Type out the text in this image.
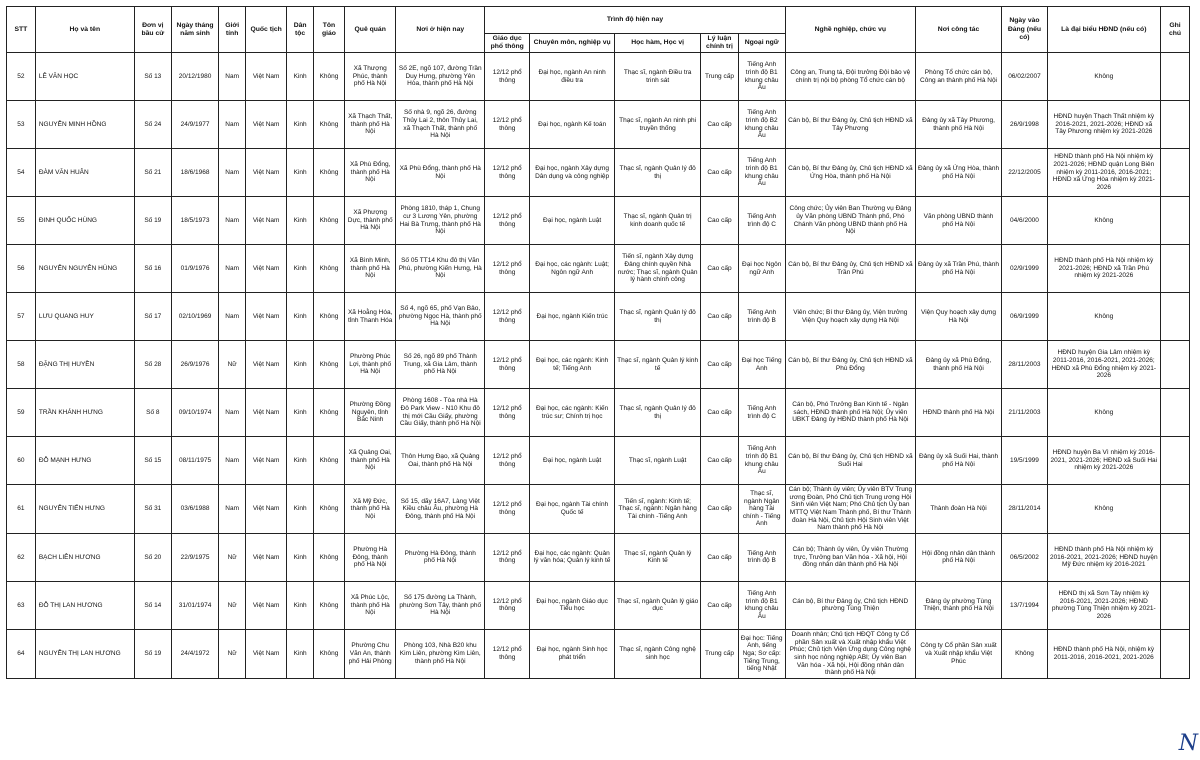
STT	Họ và tên	Đơn vị bầu cử	Ngày tháng năm sinh	Giới tính	Quốc tịch	Dân tộc	Tôn giáo	Quê quán	Nơi ở hiện nay	Trình độ hiện nay					Nghề nghiệp, chức vụ	Nơi công tác	Ngày vào Đảng (nếu có)	Là đại biểu HĐND (nếu có)	Ghi chú
										Giáo dục phổ thông	Chuyên môn, nghiệp vụ	Học hàm, Học vị	Lý luận chính trị	Ngoại ngữ					
52	LÊ VĂN HỌC	Số 13	20/12/1980	Nam	Việt Nam	Kinh	Không	Xã Thượng Phúc, thành phố Hà Nội	Số 2E, ngõ 107, đường Trần Duy Hưng, phường Yên Hòa, thành phố Hà Nội	12/12 phổ thông	Đại học, ngành An ninh điều tra	Thạc sĩ, ngành Điều tra trinh sát	Trung cấp	Tiếng Anh trình độ B1 khung châu Âu	Công an, Trung tá, Đội trưởng Đội bảo vệ chính trị nội bộ phòng Tổ chức cán bộ	Phòng Tổ chức cán bộ, Công an thành phố Hà Nội	06/02/2007	Không	
53	NGUYỄN MINH HỒNG	Số 24	24/9/1977	Nam	Việt Nam	Kinh	Không	Xã Thạch Thất, thành phố Hà Nội	Số nhà 9, ngõ 26, đường Thủy Lai 2, thôn Thủy Lai, xã Thạch Thất, thành phố Hà Nội	12/12 phổ thông	Đại học, ngành Kế toán	Thạc sĩ, ngành An ninh phi truyền thống	Cao cấp	Tiếng Anh trình độ B2 khung châu Âu	Cán bộ, Bí thư Đảng ủy, Chủ tịch HĐND xã Tây Phương	Đảng ủy xã Tây Phương, thành phố Hà Nội	26/9/1998	HĐND huyện Thạch Thất nhiệm kỳ 2016-2021, 2021-2026; HĐND xã Tây Phương nhiệm kỳ 2021-2026	
54	ĐÀM VĂN HUÂN	Số 21	18/6/1968	Nam	Việt Nam	Kinh	Không	Xã Phù Đổng, thành phố Hà Nội	Xã Phù Đổng, thành phố Hà Nội	12/12 phổ thông	Đại học, ngành Xây dựng Dân dụng và công nghiệp	Thạc sĩ, ngành Quản lý đô thị	Cao cấp	Tiếng Anh trình độ B1 khung châu Âu	Cán bộ, Bí thư Đảng ủy, Chủ tịch HĐND xã Ứng Hòa, thành phố Hà Nội	Đảng ủy xã Ứng Hòa, thành phố Hà Nội	22/12/2005	HĐND thành phố Hà Nội nhiệm kỳ 2021-2026; HĐND quận Long Biên nhiệm kỳ 2011-2016, 2016-2021; HĐND xã Ứng Hòa nhiệm kỳ 2021-2026	
55	ĐINH QUỐC HÙNG	Số 19	18/5/1973	Nam	Việt Nam	Kinh	Không	Xã Phượng Dực, thành phố Hà Nội	Phòng 1810, tháp 1, Chung cư 3 Lương Yên, phường Hai Bà Trưng, thành phố Hà Nội	12/12 phổ thông	Đại học, ngành Luật	Thạc sĩ, ngành Quản trị kinh doanh quốc tế	Cao cấp	Tiếng Anh trình độ C	Công chức; Ủy viên Ban Thường vụ Đảng ủy Văn phòng UBND Thành phố, Phó Chánh Văn phòng UBND thành phố Hà Nội	Văn phòng UBND thành phố Hà Nội	04/6/2000	Không	
56	NGUYỄN NGUYÊN HÙNG	Số 16	01/9/1976	Nam	Việt Nam	Kinh	Không	Xã Bình Minh, thành phố Hà Nội	Số 05 TT14 Khu đô thị Văn Phú, phường Kiến Hưng, Hà Nội	12/12 phổ thông	Đại học, các ngành: Luật; Ngôn ngữ Anh	Tiến sĩ, ngành Xây dựng Đảng chính quyền Nhà nước; Thạc sĩ, ngành Quản lý hành chính công	Cao cấp	Đại học Ngôn ngữ Anh	Cán bộ, Bí thư Đảng ủy, Chủ tịch HĐND xã Trần Phú	Đảng ủy xã Trần Phú, thành phố Hà Nội	02/9/1999	HĐND thành phố Hà Nội nhiệm kỳ 2021-2026; HĐND xã Trần Phú nhiệm kỳ 2021-2026	
57	LƯU QUANG HUY	Số 17	02/10/1969	Nam	Việt Nam	Kinh	Không	Xã Hoằng Hóa, tỉnh Thanh Hóa	Số 4, ngõ 65, phố Vạn Bảo, phường Ngọc Hà, thành phố Hà Nội	12/12 phổ thông	Đại học, ngành Kiến trúc	Thạc sĩ, ngành Quản lý đô thị	Cao cấp	Tiếng Anh trình độ B	Viên chức; Bí thư Đảng ủy, Viện trưởng Viện Quy hoạch xây dựng Hà Nội	Viện Quy hoạch xây dựng Hà Nội	06/9/1999	Không	
58	ĐẶNG THỊ HUYỀN	Số 28	26/9/1976	Nữ	Việt Nam	Kinh	Không	Phường Phúc Lợi, thành phố Hà Nội	Số 26, ngõ 89 phố Thành Trung, xã Gia Lâm, thành phố Hà Nội	12/12 phổ thông	Đại học, các ngành: Kinh tế; Tiếng Anh	Thạc sĩ, ngành Quản lý kinh tế	Cao cấp	Đại học Tiếng Anh	Cán bộ, Bí thư Đảng ủy, Chủ tịch HĐND xã Phù Đổng	Đảng ủy xã Phù Đổng, thành phố Hà Nội	28/11/2003	HĐND huyện Gia Lâm nhiệm kỳ 2011-2016, 2016-2021, 2021-2026; HĐND xã Phù Đổng nhiệm kỳ 2021-2026	
59	TRẦN KHÁNH HƯNG	Số 8	09/10/1974	Nam	Việt Nam	Kinh	Không	Phường Đồng Nguyên, tỉnh Bắc Ninh	Phòng 1608 - Tòa nhà Hà Đô Park View - N10 Khu đô thị mới Cầu Giấy, phường Cầu Giấy, thành phố Hà Nội	12/12 phổ thông	Đại học, các ngành: Kiến trúc sư; Chính trị học	Thạc sĩ, ngành Quản lý đô thị	Cao cấp	Tiếng Anh trình độ C	Cán bộ, Phó Trưởng Ban Kinh tế - Ngân sách, HĐND thành phố Hà Nội; Ủy viên UBKT Đảng ủy HĐND thành phố Hà Nội	HĐND thành phố Hà Nội	21/11/2003	Không	
60	ĐỖ MẠNH HƯNG	Số 15	08/11/1975	Nam	Việt Nam	Kinh	Không	Xã Quảng Oai, thành phố Hà Nội	Thôn Hưng Đạo, xã Quảng Oai, thành phố Hà Nội	12/12 phổ thông	Đại học, ngành Luật	Thạc sĩ, ngành Luật	Cao cấp	Tiếng Anh trình độ B1 khung châu Âu	Cán bộ, Bí thư Đảng ủy, Chủ tịch HĐND xã Suối Hai	Đảng ủy xã Suối Hai, thành phố Hà Nội	19/5/1999	HĐND huyện Ba Vì nhiệm kỳ 2016-2021, 2021-2026; HĐND xã Suối Hai nhiệm kỳ 2021-2026	
61	NGUYỄN TIẾN HƯNG	Số 31	03/6/1988	Nam	Việt Nam	Kinh	Không	Xã Mỹ Đức, thành phố Hà Nội	Số 15, dãy 16A7, Làng Việt Kiều châu Âu, phường Hà Đông, thành phố Hà Nội	12/12 phổ thông	Đại học, ngành Tài chính Quốc tế	Tiến sĩ, ngành: Kinh tế; Thạc sĩ, ngành: Ngân hàng Tài chính -Tiếng Anh	Cao cấp	Thạc sĩ, ngành Ngân hàng Tài chính - Tiếng Anh	Cán bộ; Thành ủy viên; Ủy viên BTV Trung ương Đoàn, Phó Chủ tịch Trung ương Hội Sinh viên Việt Nam; Phó Chủ tịch Ủy ban MTTQ Việt Nam Thành phố, Bí thư Thành đoàn Hà Nội, Chủ tịch Hội Sinh viên Việt Nam thành phố Hà Nội	Thành đoàn Hà Nội	28/11/2014	Không	
62	BẠCH LIÊN HƯƠNG	Số 20	22/9/1975	Nữ	Việt Nam	Kinh	Không	Phường Hà Đông, thành phố Hà Nội	Phường Hà Đông, thành phố Hà Nội	12/12 phổ thông	Đại học, các ngành: Quản lý văn hóa; Quản lý kinh tế	Thạc sĩ, ngành Quản lý Kinh tế	Cao cấp	Tiếng Anh trình độ B	Cán bộ; Thành ủy viên, Ủy viên Thường trực, Trưởng ban Văn hóa - Xã hội, Hội đồng nhân dân thành phố Hà Nội	Hội đồng nhân dân thành phố Hà Nội	06/5/2002	HĐND thành phố Hà Nội nhiệm kỳ 2016-2021, 2021-2026; HĐND huyện Mỹ Đức nhiệm kỳ 2016-2021	
63	ĐỖ THỊ LAN HƯƠNG	Số 14	31/01/1974	Nữ	Việt Nam	Kinh	Không	Xã Phúc Lộc, thành phố Hà Nội	Số 175 đường La Thành, phường Sơn Tây, thành phố Hà Nội	12/12 phổ thông	Đại học, ngành Giáo dục Tiểu học	Thạc sĩ, ngành Quản lý giáo dục	Cao cấp	Tiếng Anh trình độ B1 khung châu Âu	Cán bộ, Bí thư Đảng ủy, Chủ tịch HĐND phường Tùng Thiện	Đảng ủy phường Tùng Thiện, thành phố Hà Nội	13/7/1994	HĐND thị xã Sơn Tây nhiệm kỳ 2016-2021, 2021-2026; HĐND phường Tùng Thiện nhiệm kỳ 2021-2026	
64	NGUYỄN THỊ LAN HƯƠNG	Số 19	24/4/1972	Nữ	Việt Nam	Kinh	Không	Phường Chu Văn An, thành phố Hải Phòng	Phòng 103, Nhà B20 khu Kim Liên, phường Kim Liên, thành phố Hà Nội	12/12 phổ thông	Đại học, ngành Sinh học phát triển	Thạc sĩ, ngành Công nghệ sinh học	Trung cấp	Đại học: Tiếng Anh, tiếng Nga; Sơ cấp: Tiếng Trung, tiếng Nhật	Doanh nhân; Chủ tịch HĐQT Công ty Cổ phần Sản xuất và Xuất nhập khẩu Việt Phúc; Chủ tịch Viện Ứng dụng Công nghệ sinh học nông nghiệp ABI; Ủy viên Ban Văn hóa - Xã hội, Hội đồng nhân dân thành phố Hà Nội	Công ty Cổ phần Sản xuất và Xuất nhập khẩu Việt Phúc	Không	HĐND thành phố Hà Nội, nhiệm kỳ 2011-2016, 2016-2021, 2021-2026	
N
